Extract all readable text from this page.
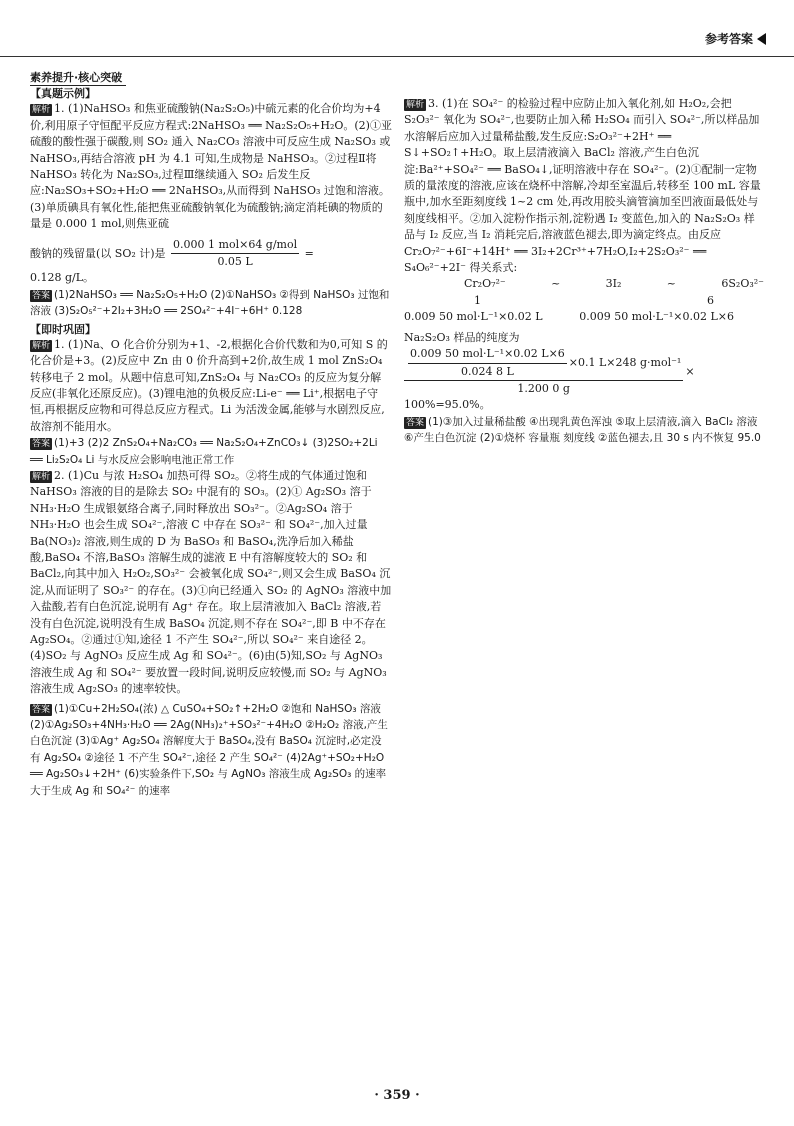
参考答案
素养提升·核心突破
【真题示例】

解析 1. (1)NaHSO₃ 和焦亚硫酸钠(Na₂S₂O₅)中硫元素的化合价均为+4价,利用原子守恒配平反应方程式:2NaHSO₃ ══ Na₂S₂O₅+H₂O。(2)①亚硫酸的酸性强于碳酸,则 SO₂ 通入 Na₂CO₃ 溶液中可反应生成 Na₂SO₃ 或 NaHSO₃,再结合溶液 pH 为 4.1 可知,生成物是 NaHSO₃。②过程Ⅱ将 NaHSO₃ 转化为 Na₂SO₃,过程Ⅲ继续通入 SO₂ 后发生反应:Na₂SO₃+SO₂+H₂O ══ 2NaHSO₃,从而得到 NaHSO₃ 过饱和溶液。(3)单质碘具有氧化性,能把焦亚硫酸钠氧化为硫酸钠;滴定消耗碘的物质的量是 0.000 1 mol,则焦亚硫

酸钠的残留量(以 SO₂ 计)是 $\frac{\text{0.000 1 mol×64 g/mol}}{0.05 L}$ =

0.128 g/L。

答案 (1)2NaHSO₃ ══ Na₂S₂O₅+H₂O (2)①NaHSO₃ ②得到 NaHSO₃ 过饱和溶液 (3)S₂O₅²⁻+2I₂+3H₂O ══ 2SO₄²⁻+4I⁻+6H⁺ 0.128

【即时巩固】

解析 1. (1)Na、O 化合价分别为+1、-2,根据化合价代数和为0,可知 S 的化合价是+3。(2)反应中 Zn 由 0 价升高到+2价,故生成 1 mol ZnS₂O₄ 转移电子 2 mol。从题中信息可知,ZnS₂O₄ 与 Na₂CO₃ 的反应为复分解反应(非氧化还原反应)。(3)锂电池的负极反应:Li-e⁻ ══ Li⁺,根据电子守恒,再根据反应物和可得总反应方程式。Li 为活泼金属,能够与水剧烈反应,故溶剂不能用水。

答案 (1)+3 (2)2 ZnS₂O₄+Na₂CO₃ ══ Na₂S₂O₄+ZnCO₃↓ (3)2SO₂+2Li ══ Li₂S₂O₄ Li 与水反应会影响电池正常工作

解析 2. (1)Cu 与浓 H₂SO₄ 加热可得 SO₂。②将生成的气体通过饱和 NaHSO₃ 溶液的目的是除去 SO₂ 中混有的 SO₃。(2)① Ag₂SO₃ 溶于 NH₃·H₂O 生成银氨络合离子,同时释放出 SO₃²⁻。②Ag₂SO₄ 溶于 NH₃·H₂O 也会生成 SO₄²⁻,溶液 C 中存在 SO₃²⁻ 和 SO₄²⁻,加入过量 Ba(NO₃)₂ 溶液,则生成的 D 为 BaSO₃ 和 BaSO₄,洗净后加入稀盐酸,BaSO₄ 不溶,BaSO₃ 溶解生成的滤液 E 中有溶解度较大的 SO₂ 和 BaCl₂,向其中加入 H₂O₂,SO₃²⁻ 会被氧化成 SO₄²⁻,则又会生成 BaSO₄ 沉淀,从而证明了 SO₃²⁻ 的存在。(3)①向已经通入 SO₂ 的 AgNO₃ 溶液中加入盐酸,若有白色沉淀,说明有 Ag⁺ 存在。取上层清液加入 BaCl₂ 溶液,若没有白色沉淀,说明没有生成 BaSO₄ 沉淀,则不存在 SO₄²⁻,即 B 中不存在 Ag₂SO₄。②通过①知,途径 1 不产生 SO₄²⁻,所以 SO₄²⁻ 来自途径 2。(4)SO₂ 与 AgNO₃ 反应生成 Ag 和 SO₄²⁻。(6)由(5)知,SO₂ 与 AgNO₃ 溶液生成 Ag 和 SO₄²⁻ 要放置一段时间,说明反应较慢,而 SO₂ 与 AgNO₃ 溶液生成 Ag₂SO₃ 的速率较快。

答案 (1)①Cu+2H₂SO₄(浓) △ CuSO₄+SO₂↑+2H₂O ②饱和 NaHSO₃ 溶液 (2)①Ag₂SO₃+4NH₃·H₂O ══ 2Ag(NH₃)₂⁺+SO₃²⁻+4H₂O ②H₂O₂ 溶液,产生白色沉淀 (3)①Ag⁺ Ag₂SO₄ 溶解度大于 BaSO₄,没有 BaSO₄ 沉淀时,必定没有 Ag₂SO₄ ②途径 1 不产生 SO₄²⁻,途径 2 产生 SO₄²⁻ (4)2Ag⁺+SO₂+H₂O ══ Ag₂SO₃↓+2H⁺ (6)实验条件下,SO₂ 与 AgNO₃ 溶液生成 Ag₂SO₃ 的速率大于生成 Ag 和 SO₄²⁻ 的速率

解析 3. (1)在 SO₄²⁻ 的检验过程中应防止加入氧化剂,如 H₂O₂,会把 S₂O₃²⁻ 氧化为 SO₄²⁻,也要防止加入稀 H₂SO₄ 而引入 SO₄²⁻,所以样品加水溶解后应加入过量稀盐酸,发生反应:S₂O₃²⁻+2H⁺ ══ S↓+SO₂↑+H₂O。取上层清液滴入 BaCl₂ 溶液,产生白色沉淀:Ba²⁺+SO₄²⁻ ══ BaSO₄↓,证明溶液中存在 SO₄²⁻。(2)①配制一定物质的量浓度的溶液,应该在烧杯中溶解,冷却至室温后,转移至 100 mL 容量瓶中,加水至距刻度线 1~2 cm 处,再改用胶头滴管滴加至凹液面最低处与刻度线相平。②加入淀粉作指示剂,淀粉遇 I₂ 变蓝色,加入的 Na₂S₂O₃ 样品与 I₂ 反应,当 I₂ 消耗完后,溶液蓝色褪去,即为滴定终点。由反应 Cr₂O₇²⁻+6I⁻+14H⁺ ══ 3I₂+2Cr³⁺+7H₂O,I₂+2S₂O₃²⁻ ══ S₄O₆²⁻+2I⁻ 得关系式:

Cr₂O₇²⁻	~	3I₂	~	6S₂O₃²⁻
1	6
0.009 50 mol·L⁻¹×0.02 L	0.009 50 mol·L⁻¹×0.02 L×6

Na₂S₂O₃ 样品的纯度为

$\frac{\text{0.009 50 mol·L⁻¹×0.02 L×6}}{0.024 8 L} \times 0.1$ L×248 g·mol⁻¹
1.200 0 g
×

100%=95.0%。

答案 (1)③加入过量稀盐酸 ④出现乳黄色浑浊 ⑤取上层清液,滴入 BaCl₂ 溶液 ⑥产生白色沉淀 (2)①烧杯 容量瓶 刻度线 ②蓝色褪去,且 30 s 内不恢复 95.0

· 359 ·
